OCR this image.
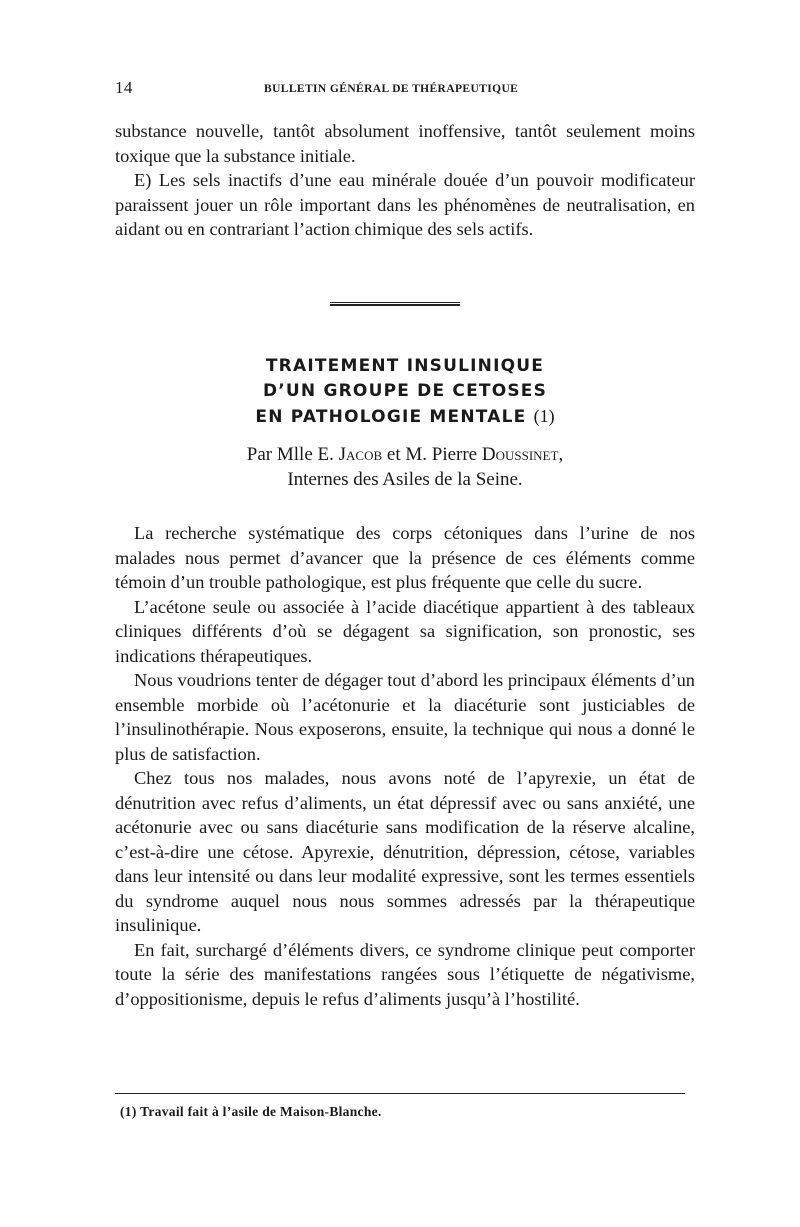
14	BULLETIN GÉNÉRAL DE THÉRAPEUTIQUE

substance nouvelle, tantôt absolument inoffensive, tantôt seulement moins toxique que la substance initiale.

E) Les sels inactifs d’une eau minérale douée d’un pouvoir modificateur paraissent jouer un rôle important dans les phénomènes de neutralisation, en aidant ou en contrariant l’action chimique des sels actifs.

TRAITEMENT INSULINIQUE

D’UN GROUPE DE CETOSES

EN PATHOLOGIE MENTALE (1)

Par Mlle E. Jacob et M. Pierre Doussinet,
Internes des Asiles de la Seine.

La recherche systématique des corps cétoniques dans l’urine de nos malades nous permet d’avancer que la présence de ces éléments comme témoin d’un trouble pathologique, est plus fréquente que celle du sucre.

L’acétone seule ou associée à l’acide diacétique appartient à des tableaux cliniques différents d’où se dégagent sa signification, son pronostic, ses indications thérapeutiques.

Nous voudrions tenter de dégager tout d’abord les principaux éléments d’un ensemble morbide où l’acétonurie et la diacéturie sont justiciables de l’insulinothérapie. Nous exposerons, ensuite, la technique qui nous a donné le plus de satisfaction.

Chez tous nos malades, nous avons noté de l’apyrexie, un état de dénutrition avec refus d’aliments, un état dépressif avec ou sans anxiété, une acétonurie avec ou sans diacéturie sans modification de la réserve alcaline, c’est-à-dire une cétose. Apyrexie, dénutrition, dépression, cétose, variables dans leur intensité ou dans leur modalité expressive, sont les termes essentiels du syndrome auquel nous nous sommes adressés par la thérapeutique insulinique.

En fait, surchargé d’éléments divers, ce syndrome clinique peut comporter toute la série des manifestations rangées sous l’étiquette de négativisme, d’oppositionisme, depuis le refus d’aliments jusqu’à l’hostilité.

(1) Travail fait à l’asile de Maison-Blanche.
